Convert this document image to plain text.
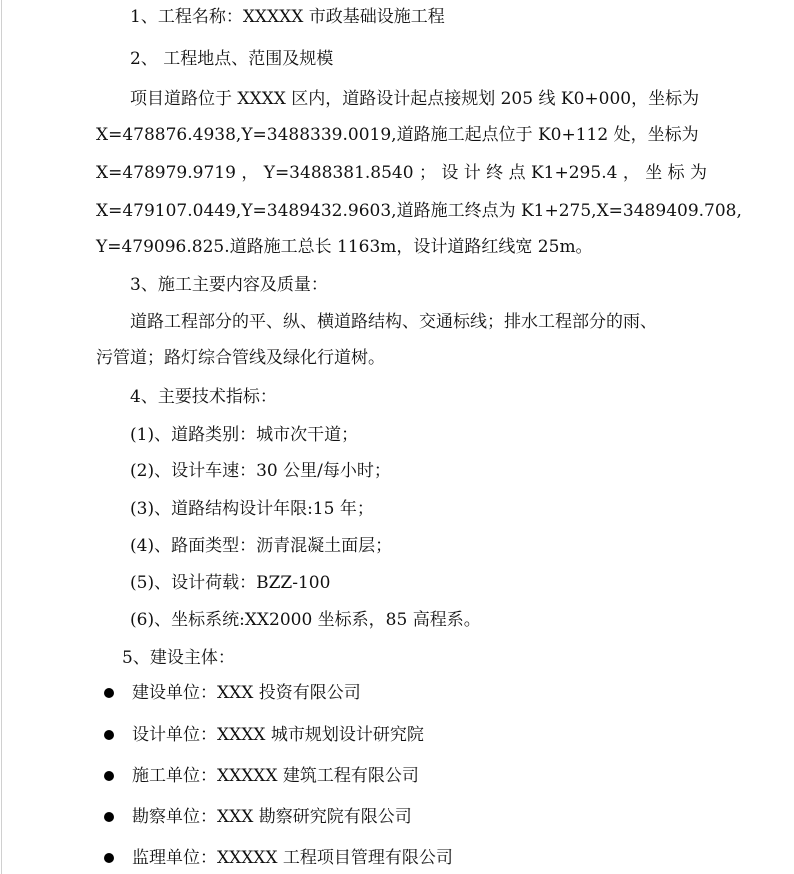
1、工程名称：XXXXX 市政基础设施工程
2、 工程地点、范围及规模
项目道路位于 XXXX 区内，道路设计起点接规划 205 线 K0+000，坐标为
X=478876.4938,Y=3488339.0019,道路施工起点位于 K0+112 处，坐标为
X=478979.9719 ， Y=3488381.8540 ； 设 计 终 点 K1+295.4 ， 坐 标 为
X=479107.0449,Y=3489432.9603,道路施工终点为 K1+275,X=3489409.708,
Y=479096.825.道路施工总长 1163m，设计道路红线宽 25m。
3、施工主要内容及质量：
道路工程部分的平、纵、横道路结构、交通标线；排水工程部分的雨、
污管道；路灯综合管线及绿化行道树。
4、主要技术指标：
(1)、道路类别：城市次干道；
(2)、设计车速：30 公里/每小时；
(3)、道路结构设计年限:15 年；
(4)、路面类型：沥青混凝土面层；
(5)、设计荷载：BZZ-100
(6)、坐标系统:XX2000 坐标系，85 高程系。
5、建设主体：
建设单位：XXX 投资有限公司
设计单位：XXXX 城市规划设计研究院
施工单位：XXXXX 建筑工程有限公司
勘察单位：XXX 勘察研究院有限公司
监理单位：XXXXX 工程项目管理有限公司
